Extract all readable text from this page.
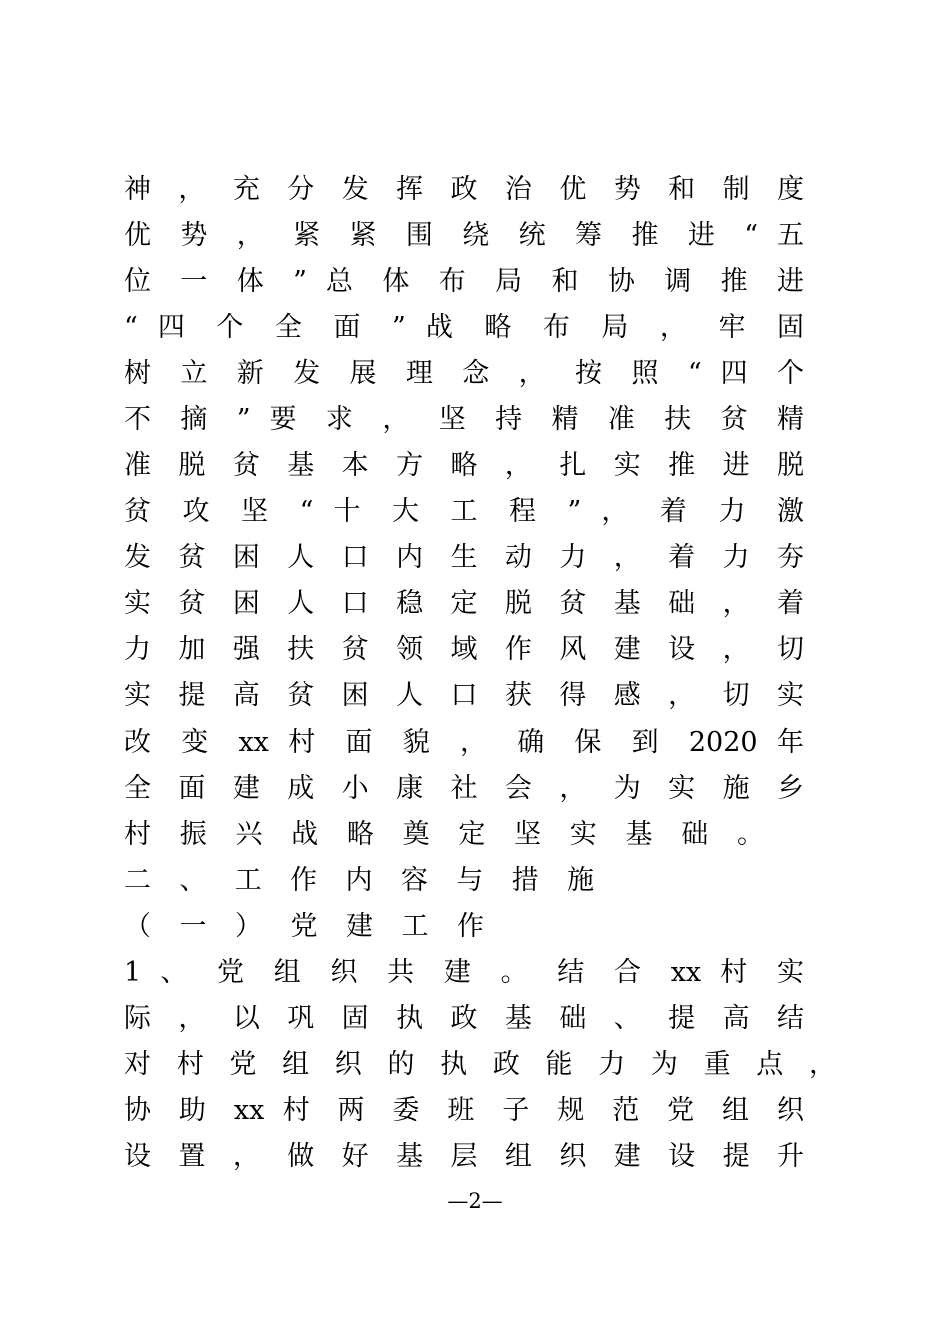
神 ， 充 分 发 挥 政 治 优 势 和 制 度
优 势 ， 紧 紧 围 绕 统 筹 推 进 “ 五
位 一 体 ” 总 体 布 局 和 协 调 推 进
“ 四 个 全 面 ” 战 略 布 局 ， 牢 固
树 立 新 发 展 理 念 ， 按 照 “ 四 个
不 摘 ” 要 求 ， 坚 持 精 准 扶 贫 精
准 脱 贫 基 本 方 略 ， 扎 实 推 进 脱
贫 攻 坚 “ 十 大 工 程 ” ， 着 力 激
发 贫 困 人 口 内 生 动 力 ， 着 力 夯
实 贫 困 人 口 稳 定 脱 贫 基 础 ， 着
力 加 强 扶 贫 领 域 作 风 建 设 ， 切
实 提 高 贫 困 人 口 获 得 感 ， 切 实
改 变 xx 村 面 貌 ， 确 保 到 2020 年
全 面 建 成 小 康 社 会 ， 为 实 施 乡
村 振 兴 战 略 奠 定 坚 实 基 础 。
二 、 工 作 内 容 与 措 施
（ 一 ） 党 建 工 作
1 、 党 组 织 共 建 。 结 合 xx 村 实
际 ， 以 巩 固 执 政 基 础 、 提 高 结
对 村 党 组 织 的 执 政 能 力 为 重 点 ，
协 助 xx 村 两 委 班 子 规 范 党 组 织
设 置 ， 做 好 基 层 组 织 建 设 提 升
—2—
